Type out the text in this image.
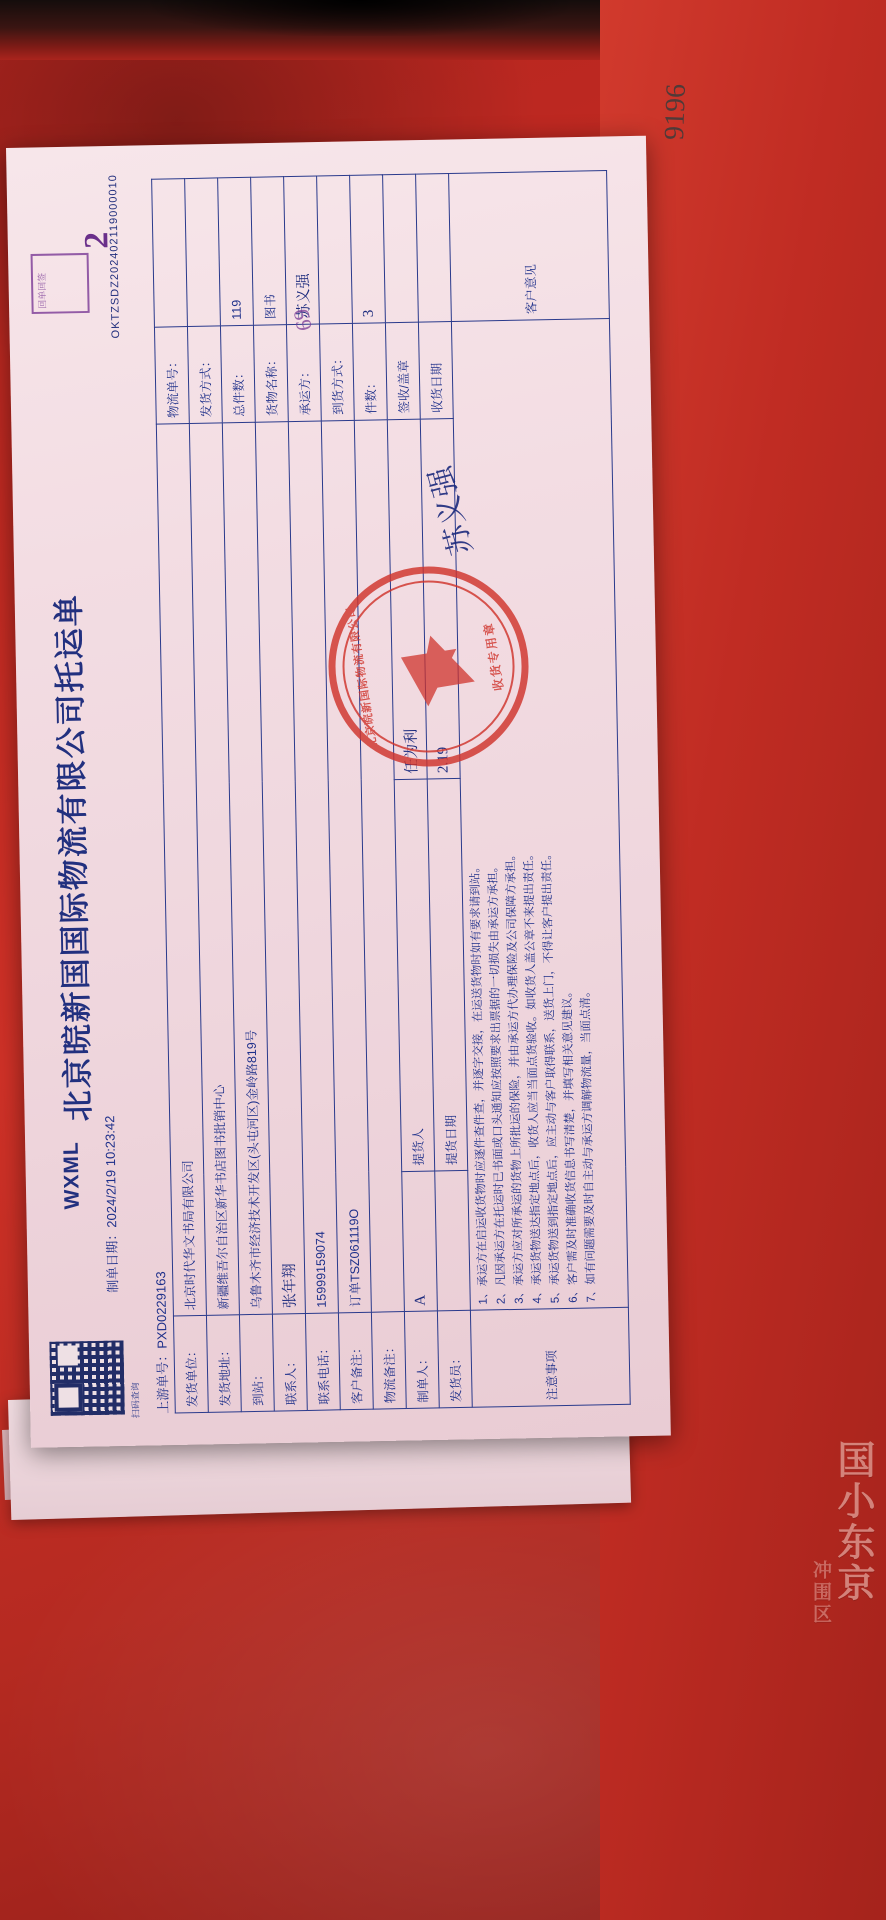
国小东京
冲围区
扫码查询
WXML
北京晥新国国际物流有限公司托运单
回单回签
2
OKTZSDZ202402119000010
制单日期：2024/2/19 10:23:42
上游单号：PXD0229163
发货单位：	北京时代华文书局有限公司			物流单号：	
发货地址：	新疆维吾尔自治区新华书店图书批销中心			发货方式：	
到站：	乌鲁木齐市经济技术开发区(头屯河区)金岭路819号			总件数：	119
联系人：	张年翔			货物名称：	图书
联系电话：	15999159074			承运方：	苏义强
客户备注：	订单TSZ061119O			到货方式：	
物流备注：				件数：	3
制单人：	A	提货人	任为利	签收/盖章	
发货员：		提货日期	2.19	收货日期	
注意事项	
1、承运方在启运收货物时应逐件查件查，并逐字交接，在运送货物时如有要求请到站。
2、凡因承运方在托运时已书面或口头通知应按照要求出票据的一切损失由承运方承担。
3、承运方应对所承运的货物上所批运的保险，并由承运方代办理保险及公司保障方承担。
4、承运货物送达指定地点后，收货人应当当面点货验收。如收货人盖公章不来提出责任。
5、承运货物送到指定地点后，应主动与客户取得联系，送货上门，不得让客户提出责任。 6、客户需及时准确收货信息书写清楚，并填写相关意见建议。 7、如有问题需要及时自主动与承运方调解物流量，当面点清。
	客户意见
北京晥新国际物流有限公司	收货专用章
苏义强
69
9196
